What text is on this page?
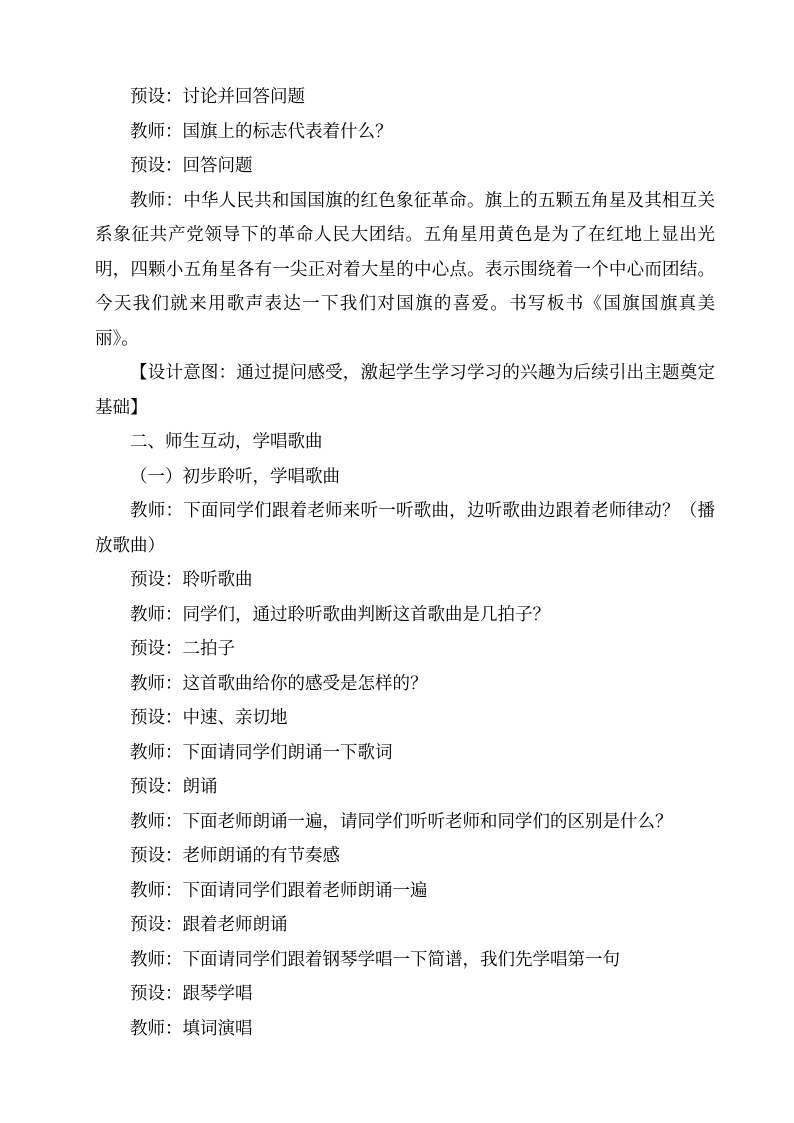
预设：讨论并回答问题

教师：国旗上的标志代表着什么？

预设：回答问题

教师：中华人民共和国国旗的红色象征革命。旗上的五颗五角星及其相互关系象征共产党领导下的革命人民大团结。五角星用黄色是为了在红地上显出光明，四颗小五角星各有一尖正对着大星的中心点。表示围绕着一个中心而团结。今天我们就来用歌声表达一下我们对国旗的喜爱。书写板书《国旗国旗真美丽》。

【设计意图：通过提问感受，激起学生学习学习的兴趣为后续引出主题奠定基础】

二、师生互动，学唱歌曲

（一）初步聆听，学唱歌曲

教师：下面同学们跟着老师来听一听歌曲，边听歌曲边跟着老师律动？（播放歌曲）

预设：聆听歌曲

教师：同学们，通过聆听歌曲判断这首歌曲是几拍子？

预设：二拍子

教师：这首歌曲给你的感受是怎样的？

预设：中速、亲切地

教师：下面请同学们朗诵一下歌词

预设：朗诵

教师：下面老师朗诵一遍，请同学们听听老师和同学们的区别是什么？

预设：老师朗诵的有节奏感

教师：下面请同学们跟着老师朗诵一遍

预设：跟着老师朗诵

教师：下面请同学们跟着钢琴学唱一下简谱，我们先学唱第一句

预设：跟琴学唱

教师：填词演唱
